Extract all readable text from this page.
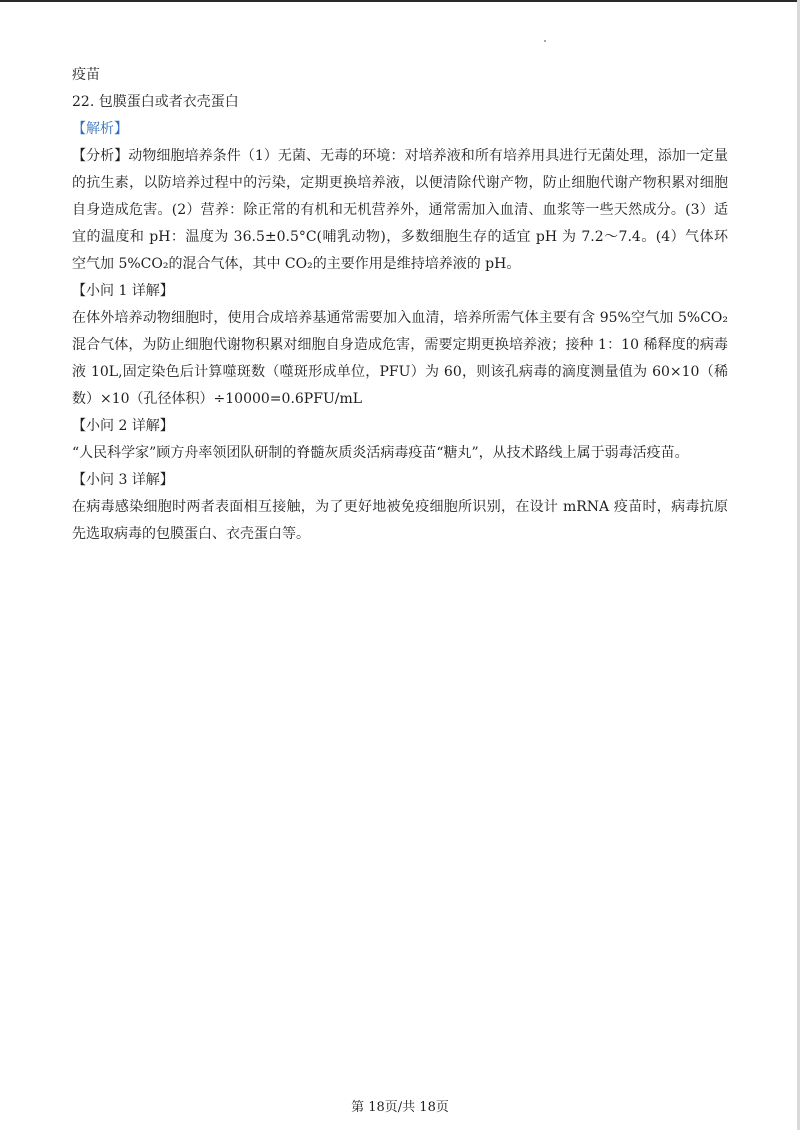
疫苗
22. 包膜蛋白或者衣壳蛋白
【解析】
【分析】动物细胞培养条件（1）无菌、无毒的环境：对培养液和所有培养用具进行无菌处理，添加一定量
的抗生素，以防培养过程中的污染，定期更换培养液，以便清除代谢产物，防止细胞代谢产物积累对细胞
自身造成危害。(2）营养：除正常的有机和无机营养外，通常需加入血清、血浆等一些天然成分。(3）适
宜的温度和 pH：温度为 36.5±0.5°C(哺乳动物)，多数细胞生存的适宜 pH 为 7.2～7.4。(4）气体环
空气加 5%CO₂的混合气体，其中 CO₂的主要作用是维持培养液的 pH。
【小问 1 详解】
在体外培养动物细胞时，使用合成培养基通常需要加入血清，培养所需气体主要有含 95%空气加 5%CO₂
混合气体，为防止细胞代谢物积累对细胞自身造成危害，需要定期更换培养液；接种 1：10 稀释度的病毒
液 10L,固定染色后计算噬斑数（噬斑形成单位，PFU）为 60，则该孔病毒的滴度测量值为 60×10（稀
数）×10（孔径体积）÷10000=0.6PFU/mL
【小问 2 详解】
“人民科学家”顾方舟率领团队研制的脊髓灰质炎活病毒疫苗“糖丸”，从技术路线上属于弱毒活疫苗。
【小问 3 详解】
在病毒感染细胞时两者表面相互接触，为了更好地被免疫细胞所识别，在设计 mRNA 疫苗时，病毒抗原
先选取病毒的包膜蛋白、衣壳蛋白等。
第 18页/共 18页
